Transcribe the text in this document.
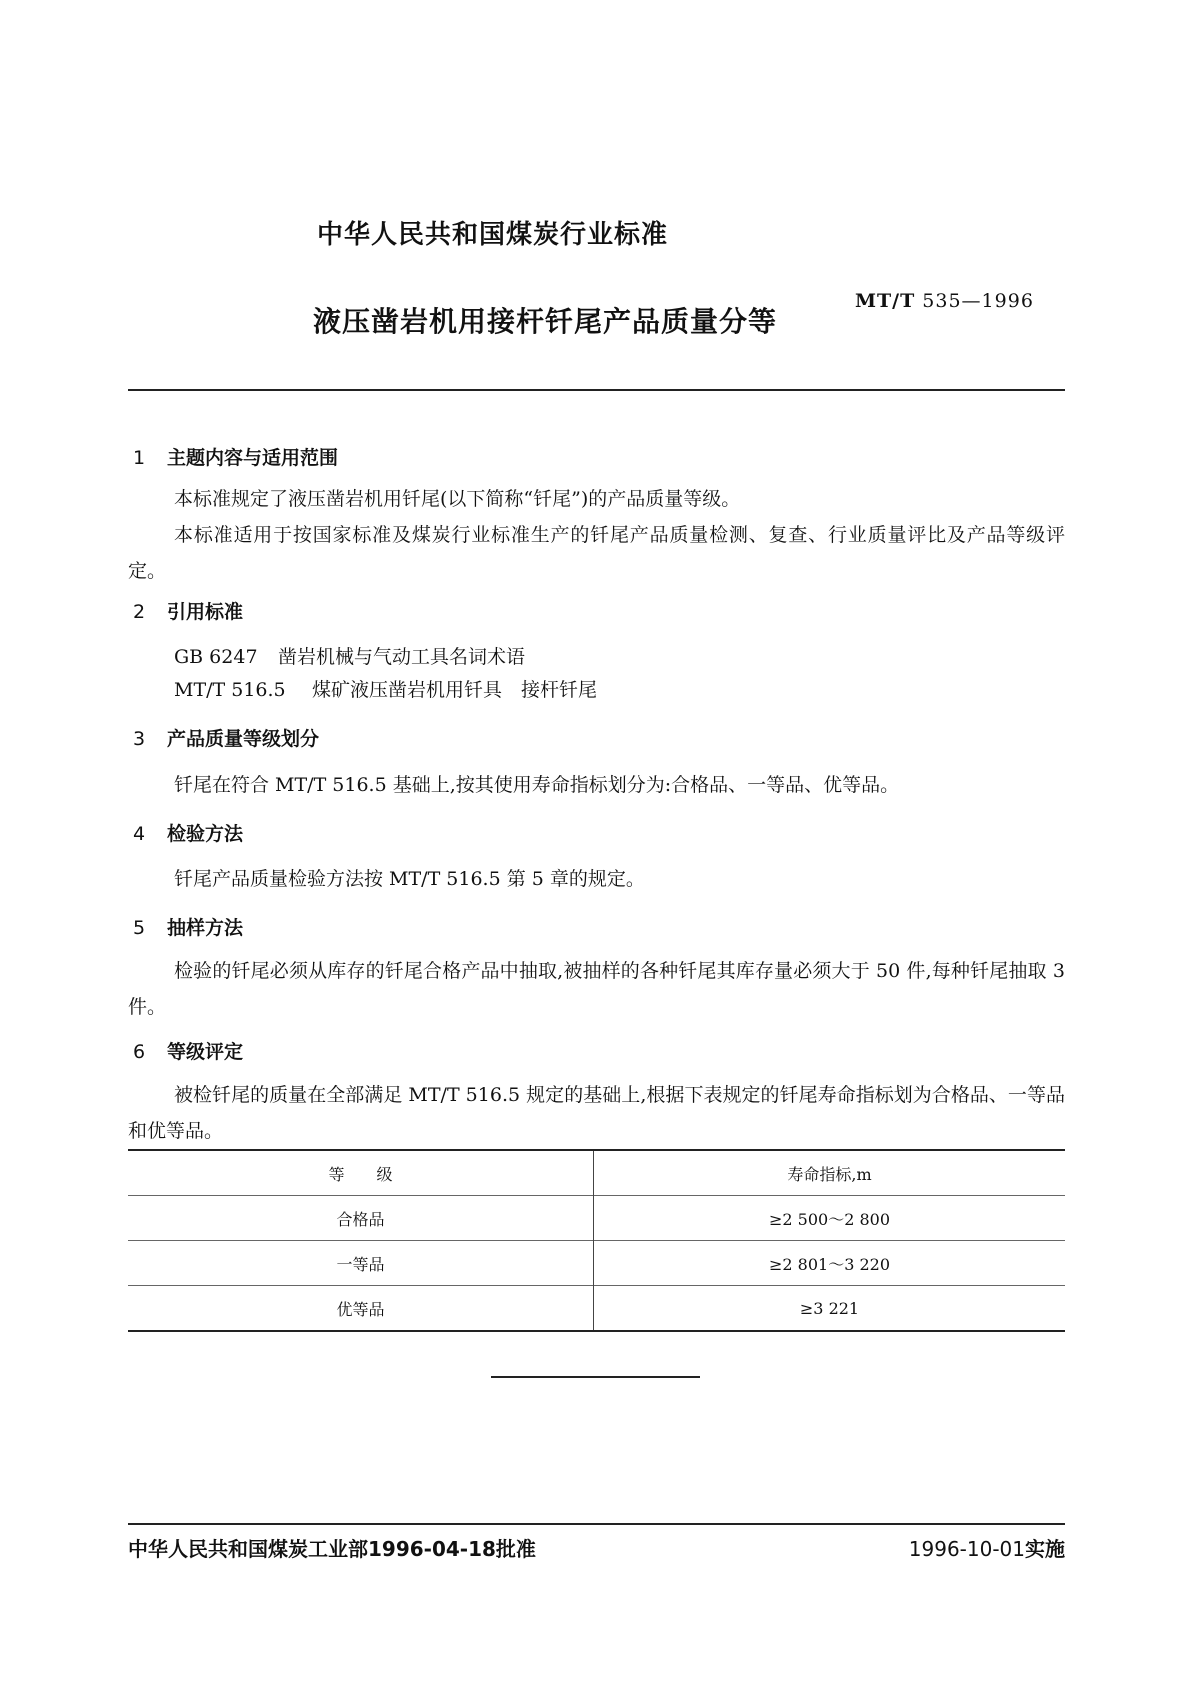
中华人民共和国煤炭行业标准
液压凿岩机用接杆钎尾产品质量分等
MT/T 535—1996
1 主题内容与适用范围
本标准规定了液压凿岩机用钎尾(以下简称“钎尾”)的产品质量等级。
本标准适用于按国家标准及煤炭行业标准生产的钎尾产品质量检测、复查、行业质量评比及产品等级评定。
2 引用标准
GB 6247 凿岩机械与气动工具名词术语
MT/T 516.5 煤矿液压凿岩机用钎具　接杆钎尾
3 产品质量等级划分
钎尾在符合 MT/T 516.5 基础上,按其使用寿命指标划分为:合格品、一等品、优等品。
4 检验方法
钎尾产品质量检验方法按 MT/T 516.5 第 5 章的规定。
5 抽样方法
检验的钎尾必须从库存的钎尾合格产品中抽取,被抽样的各种钎尾其库存量必须大于 50 件,每种钎尾抽取 3 件。
6 等级评定
被检钎尾的质量在全部满足 MT/T 516.5 规定的基础上,根据下表规定的钎尾寿命指标划为合格品、一等品和优等品。
等　　级	寿命指标,m
合格品	≥2 500～2 800
一等品	≥2 801～3 220
优等品	≥3 221
中华人民共和国煤炭工业部1996-04-18批准	1996-10-01实施
